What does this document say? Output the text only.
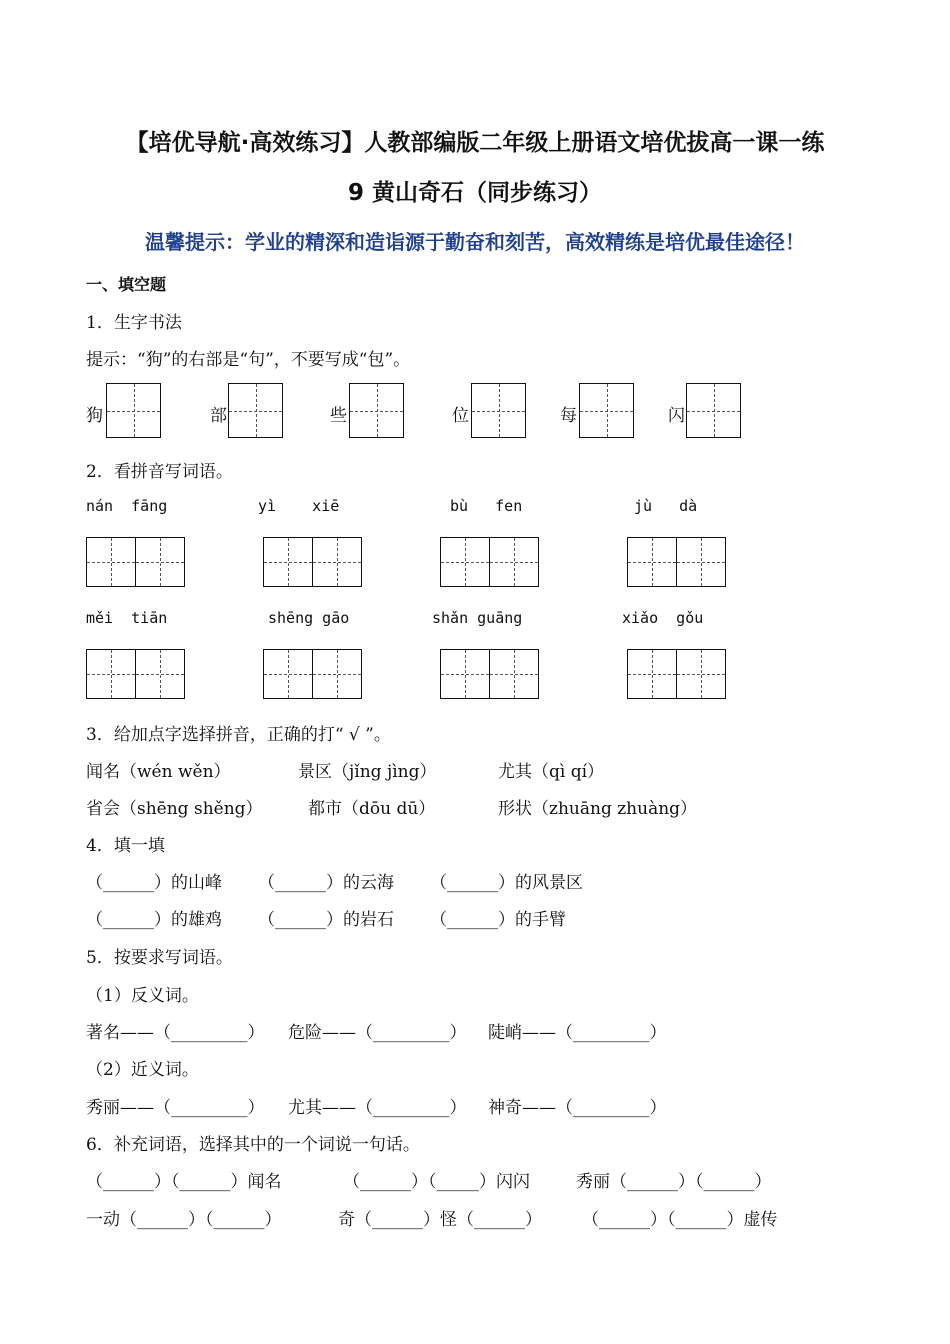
【培优导航·高效练习】人教部编版二年级上册语文培优拔高一课一练
9 黄山奇石（同步练习）
温馨提示：学业的精深和造诣源于勤奋和刻苦，高效精练是培优最佳途径！
一、填空题
1．生字书法
提示：“狗”的右部是“句”，不要写成“包”。
狗	部	些	位	每	闪
2．看拼音写词语。
nán  fāng	yì    xiē	bù   fen	jù   dà
měi  tiān	shēng gāo	shǎn guāng	xiǎo  gǒu
3．给加点字选择拼音，正确的打“ √ ”。
闻名（wén wěn）	景区（jǐng jìng）	尤其（qì qí）
省会（shēng shěng）	都市（dōu dū）	形状（zhuāng zhuàng）
4．填一填
（______）的山峰 （______）的云海 （______）的风景区
（______）的雄鸡 （______）的岩石 （______）的手臂
5．按要求写词语。
（1）反义词。
著名——（_________） 危险——（_________） 陡峭——（_________）
（2）近义词。
秀丽——（_________） 尤其——（_________） 神奇——（_________）
6．补充词语，选择其中的一个词说一句话。
（______）（______）闻名	（______）（_____）闪闪	秀丽（______）（______）
一动（______）（______）	奇（______）怪（______） （______）（______）虚传
